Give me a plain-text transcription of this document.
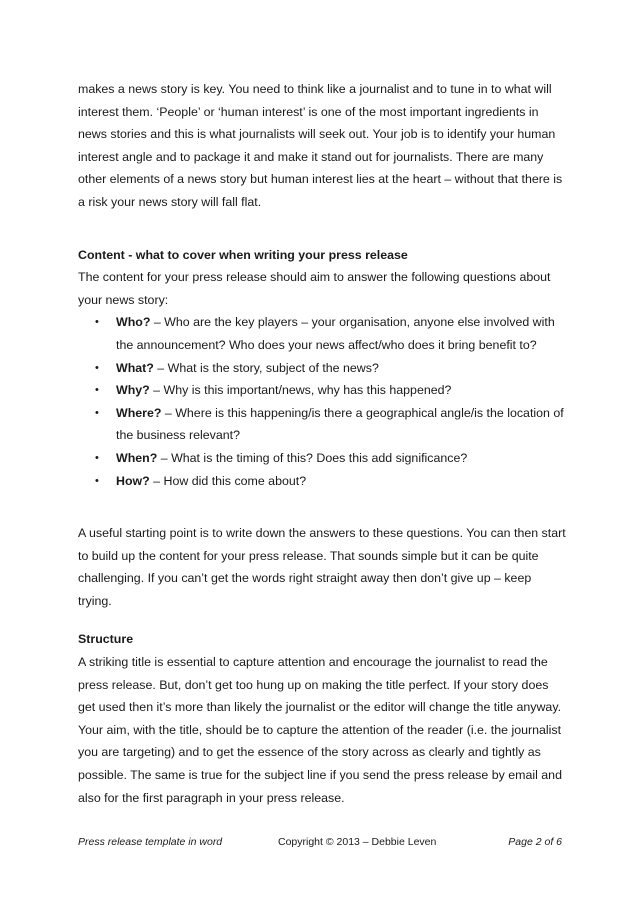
makes a news story is key. You need to think like a journalist and to tune in to what will interest them. ‘People’ or ‘human interest’ is one of the most important ingredients in news stories and this is what journalists will seek out. Your job is to identify your human interest angle and to package it and make it stand out for journalists. There are many other elements of a news story but human interest lies at the heart – without that there is a risk your news story will fall flat.

Content - what to cover when writing your press release

The content for your press release should aim to answer the following questions about your news story:

• Who? – Who are the key players – your organisation, anyone else involved with the announcement? Who does your news affect/who does it bring benefit to?
• What? – What is the story, subject of the news?
• Why? – Why is this important/news, why has this happened?
• Where? – Where is this happening/is there a geographical angle/is the location of the business relevant?
• When? – What is the timing of this? Does this add significance?
• How? – How did this come about?

A useful starting point is to write down the answers to these questions. You can then start to build up the content for your press release. That sounds simple but it can be quite challenging. If you can’t get the words right straight away then don’t give up – keep trying.

Structure

A striking title is essential to capture attention and encourage the journalist to read the press release. But, don’t get too hung up on making the title perfect. If your story does get used then it’s more than likely the journalist or the editor will change the title anyway. Your aim, with the title, should be to capture the attention of the reader (i.e. the journalist you are targeting) and to get the essence of the story across as clearly and tightly as possible. The same is true for the subject line if you send the press release by email and also for the first paragraph in your press release.

Press release template in word	Copyright © 2013 – Debbie Leven	Page 2 of 6
